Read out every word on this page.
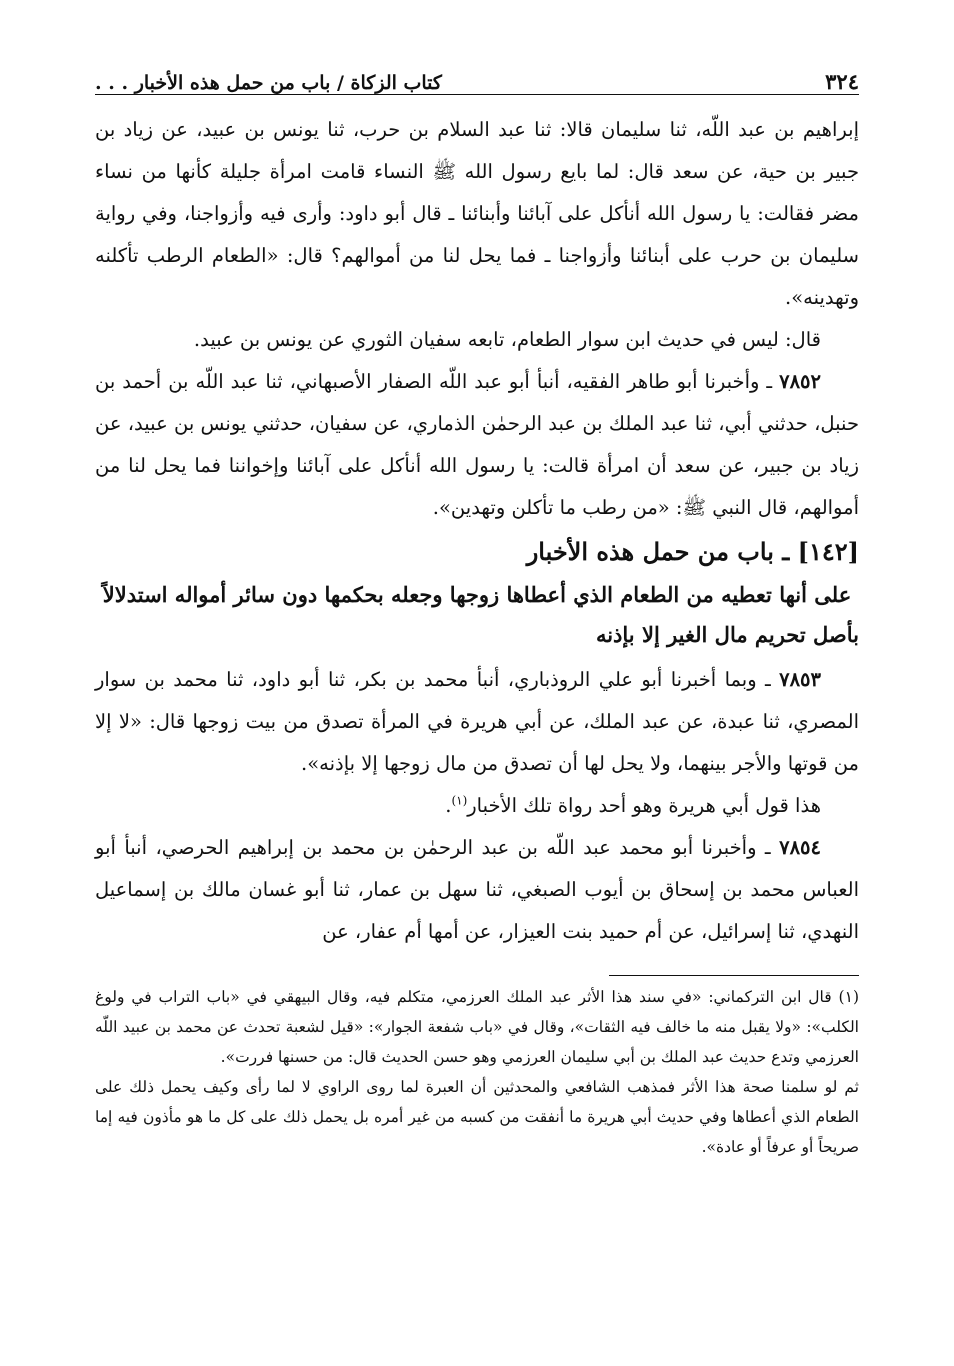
٣٢٤
كتاب الزكاة / باب من حمل هذه الأخبار . . .

إبراهيم بن عبد اللّه، ثنا سليمان قالا: ثنا عبد السلام بن حرب، ثنا يونس بن عبيد، عن زياد بن جبير بن حية، عن سعد قال: لما بايع رسول الله ﷺ النساء قامت امرأة جليلة كأنها من نساء مضر فقالت: يا رسول الله أنأكل على آبائنا وأبنائنا ـ قال أبو داود: وأرى فيه وأزواجنا، وفي رواية سليمان بن حرب على أبنائنا وأزواجنا ـ فما يحل لنا من أموالهم؟ قال: «الطعام الرطب تأكلنه وتهدينه».

قال: ليس في حديث ابن سوار الطعام، تابعه سفيان الثوري عن يونس بن عبيد.

٧٨٥٢ ـ وأخبرنا أبو طاهر الفقيه، أنبأ أبو عبد اللّه الصفار الأصبهاني، ثنا عبد اللّه بن أحمد بن حنبل، حدثني أبي، ثنا عبد الملك بن عبد الرحمٰن الذماري، عن سفيان، حدثني يونس بن عبيد، عن زياد بن جبير، عن سعد أن امرأة قالت: يا رسول الله أنأكل على آبائنا وإخواننا فما يحل لنا من أموالهم، قال النبي ﷺ: «من رطب ما تأكلن وتهدين».

[١٤٢] ـ باب من حمل هذه الأخبار
على أنها تعطيه من الطعام الذي أعطاها زوجها وجعله بحكمها دون سائر أمواله استدلالاً بأصل تحريم مال الغير إلا بإذنه

٧٨٥٣ ـ وبما أخبرنا أبو علي الروذباري، أنبأ محمد بن بكر، ثنا أبو داود، ثنا محمد بن سوار المصري، ثنا عبدة، عن عبد الملك، عن أبي هريرة في المرأة تصدق من بيت زوجها قال: «لا إلا من قوتها والأجر بينهما، ولا يحل لها أن تصدق من مال زوجها إلا بإذنه».

هذا قول أبي هريرة وهو أحد رواة تلك الأخبار$^{(١)}$.

٧٨٥٤ ـ وأخبرنا أبو محمد عبد اللّه بن عبد الرحمٰن بن محمد بن إبراهيم الحرصي، أنبأ أبو العباس محمد بن إسحاق بن أيوب الصبغي، ثنا سهل بن عمار، ثنا أبو غسان مالك بن إسماعيل النهدي، ثنا إسرائيل، عن أم حميد بنت العيزار، عن أمها أم عفار، عن

(١) قال ابن التركماني: «في سند هذا الأثر عبد الملك العرزمي، متكلم فيه، وقال البيهقي في «باب التراب في ولوغ الكلب»: «ولا يقبل منه ما خالف فيه الثقات»، وقال في «باب شفعة الجوار»: «قيل لشعبة تحدث عن محمد بن عبيد اللّه العرزمي وتدع حديث عبد الملك بن أبي سليمان العرزمي وهو حسن الحديث قال: من حسنها فررت».

ثم لو سلمنا صحة هذا الأثر فمذهب الشافعي والمحدثين أن العبرة لما روى الراوي لا لما رأى وكيف يحمل ذلك على الطعام الذي أعطاها وفي حديث أبي هريرة ما أنفقت من كسبه من غير أمره بل يحمل ذلك على كل ما هو مأذون فيه إما صريحاً أو عرفاً أو عادة».
